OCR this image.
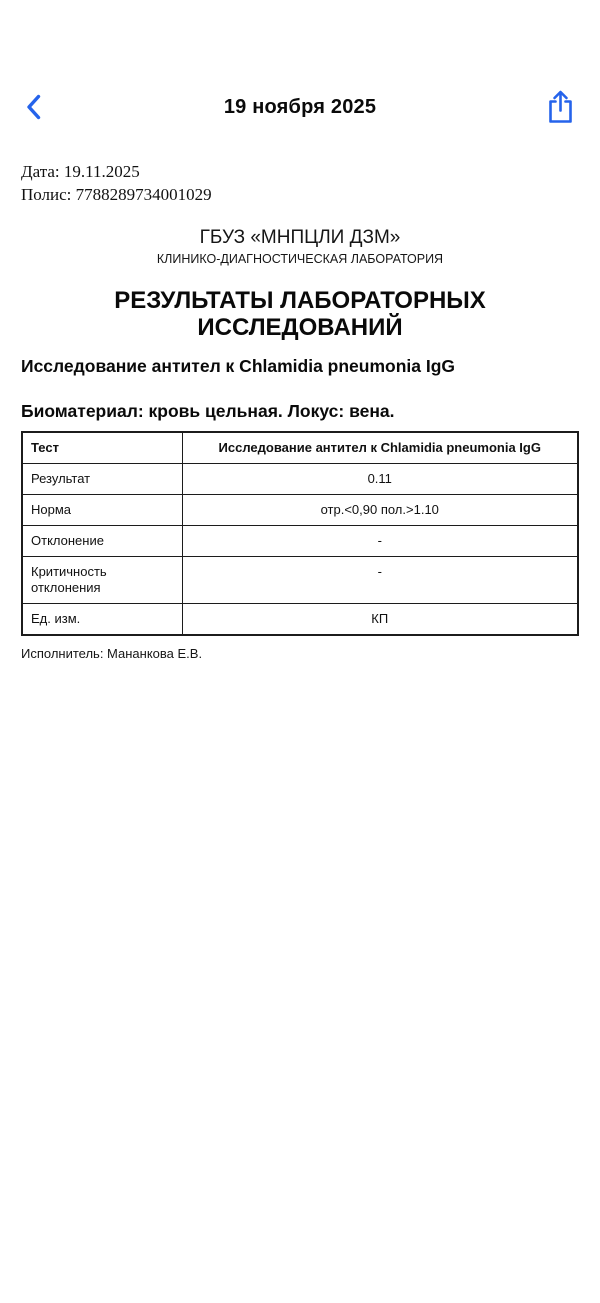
19 ноября 2025

Дата: 19.11.2025

Полис: 7788289734001029

ГБУЗ «МНПЦЛИ ДЗМ»
КЛИНИКО-ДИАГНОСТИЧЕСКАЯ ЛАБОРАТОРИЯ
РЕЗУЛЬТАТЫ ЛАБОРАТОРНЫХ ИССЛЕДОВАНИЙ
Исследование антител к Chlamidia pneumonia IgG
Биоматериал: кровь цельная. Локус: вена.
Тест	Исследование антител к Chlamidia pneumonia IgG
Результат	0.11
Норма	отр.<0,90 пол.>1.10
Отклонение	-
Критичность отклонения	-
Ед. изм.	КП

Исполнитель: Мананкова Е.В.
